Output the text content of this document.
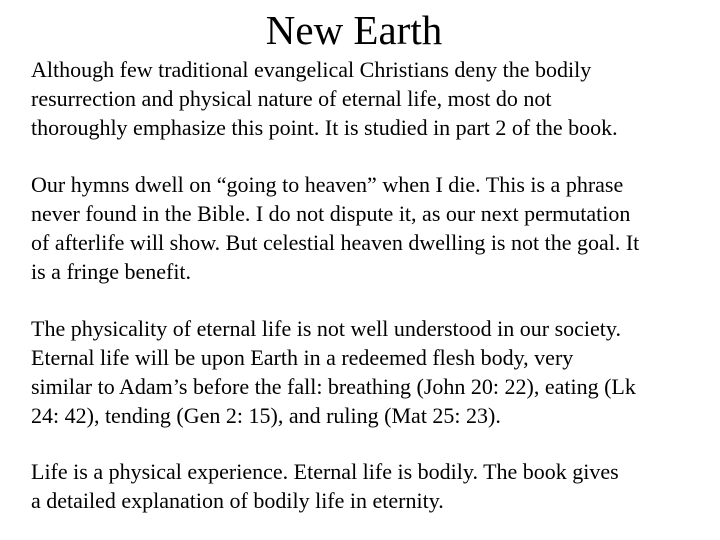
New Earth

Although few traditional evangelical Christians deny the bodily
resurrection and physical nature of eternal life, most do not
thoroughly emphasize this point. It is studied in part 2 of the book.

Our hymns dwell on “going to heaven” when I die. This is a phrase
never found in the Bible. I do not dispute it, as our next permutation
of afterlife will show. But celestial heaven dwelling is not the goal. It
is a fringe benefit.

The physicality of eternal life is not well understood in our society.
Eternal life will be upon Earth in a redeemed flesh body, very
similar to Adam’s before the fall: breathing (John 20: 22), eating (Lk
24: 42), tending (Gen 2: 15), and ruling (Mat 25: 23).

Life is a physical experience. Eternal life is bodily. The book gives
a detailed explanation of bodily life in eternity.
